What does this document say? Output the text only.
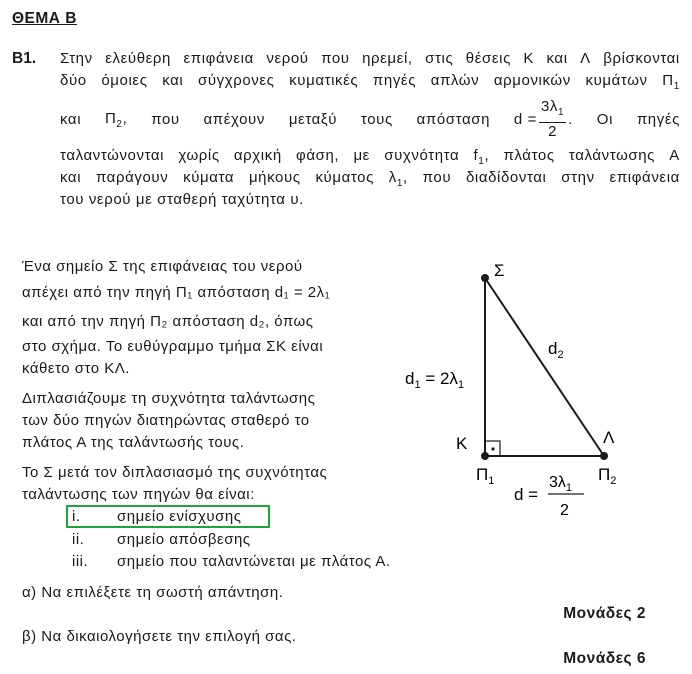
ΘΕΜΑ Β
Β1. Στην ελεύθερη επιφάνεια νερού που ηρεμεί, στις θέσεις Κ και Λ βρίσκονται
δύο όμοιες και σύγχρονες κυματικές πηγές απλών αρμονικών κυμάτων $\Pi_1$
και $\Pi_2$, που απέχουν μεταξύ τους απόσταση $d = \frac{3\lambda_1}{2}$ . Οι πηγές
ταλαντώνονται χωρίς αρχική φάση, με συχνότητα $f_1$, πλάτος ταλάντωσης Α
και παράγουν κύματα μήκους κύματος $\lambda_1$, που διαδίδονται στην επιφάνεια
του νερού με σταθερή ταχύτητα υ.
Ένα σημείο Σ της επιφάνειας του νερού
απέχει από την πηγή Π₁ απόσταση d₁ = 2λ₁
και από την πηγή Π₂ απόσταση d₂, όπως
στο σχήμα. Το ευθύγραμμο τμήμα ΣΚ είναι
κάθετο στο ΚΛ.
Διπλασιάζουμε τη συχνότητα ταλάντωσης
των δύο πηγών διατηρώντας σταθερό το
πλάτος Α της ταλάντωσής τους.
Το Σ μετά τον διπλασιασμό της συχνότητας
ταλάντωσης των πηγών θα είναι:
i. σημείο ενίσχυσης
ii. σημείο απόσβεσης
iii. σημείο που ταλαντώνεται με πλάτος Α.
α) Να επιλέξετε τη σωστή απάντηση.
Μονάδες 2
β) Να δικαιολογήσετε την επιλογή σας.
Μονάδες 6
Σ
Κ	Λ
$\Pi_1$	$\Pi_2$
$d_1 = 2\lambda_1$
$d_2$
d =
$3\lambda_1$
2
